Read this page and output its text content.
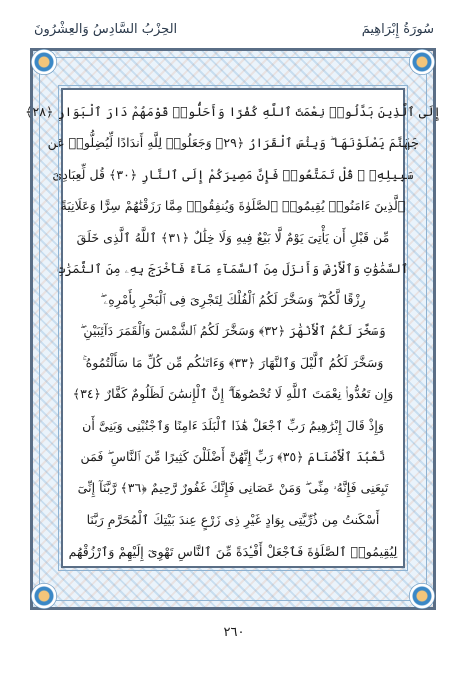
الحِزْبُ السَّادِسُ وَالعِشْرُونَ	سُورَةُ إِبْرَاهِيمَ
إِلَى ٱلَّذِينَ بَدَّلُوا۟ نِعْمَتَ ٱللَّهِ كُفْرًا وَأَحَلُّوا۟ قَوْمَهُمْ دَارَ ٱلْبَوَارِ ﴿٢٨﴾
جَهَنَّمَ يَصْلَوْنَهَا ۖ وَبِئْسَ ٱلْقَرَارُ ﴿٢٩﴾ وَجَعَلُوا۟ لِلَّهِ أَندَادًا لِّيُضِلُّوا۟ عَن
سَبِيلِهِۦ ۗ قُلْ تَمَتَّعُوا۟ فَإِنَّ مَصِيرَكُمْ إِلَى ٱلنَّارِ ﴿٣٠﴾ قُل لِّعِبَادِىَ
ٱلَّذِينَ ءَامَنُوا۟ يُقِيمُوا۟ ٱلصَّلَوٰةَ وَيُنفِقُوا۟ مِمَّا رَزَقْنَٰهُمْ سِرًّا وَعَلَانِيَةً
مِّن قَبْلِ أَن يَأْتِىَ يَوْمٌ لَّا بَيْعٌ فِيهِ وَلَا خِلَٰلٌ ﴿٣١﴾ ٱللَّهُ ٱلَّذِى خَلَقَ
ٱلسَّمَٰوَٰتِ وَٱلْأَرْضَ وَأَنزَلَ مِنَ ٱلسَّمَآءِ مَآءً فَأَخْرَجَ بِهِۦ مِنَ ٱلثَّمَرَٰتِ
رِزْقًا لَّكُمْ ۖ وَسَخَّرَ لَكُمُ ٱلْفُلْكَ لِتَجْرِىَ فِى ٱلْبَحْرِ بِأَمْرِهِۦ ۖ
وَسَخَّرَ لَكُمُ ٱلْأَنْهَٰرَ ﴿٣٢﴾ وَسَخَّرَ لَكُمُ ٱلشَّمْسَ وَٱلْقَمَرَ دَآئِبَيْنِ ۖ
وَسَخَّرَ لَكُمُ ٱلَّيْلَ وَٱلنَّهَارَ ﴿٣٣﴾ وَءَاتَىٰكُم مِّن كُلِّ مَا سَأَلْتُمُوهُ ۚ
وَإِن تَعُدُّوا۟ نِعْمَتَ ٱللَّهِ لَا تُحْصُوهَآ ۗ إِنَّ ٱلْإِنسَٰنَ لَظَلُومٌ كَفَّارٌ ﴿٣٤﴾
وَإِذْ قَالَ إِبْرَٰهِيمُ رَبِّ ٱجْعَلْ هَٰذَا ٱلْبَلَدَ ءَامِنًا وَٱجْنُبْنِى وَبَنِىَّ أَن
نَّعْبُدَ ٱلْأَصْنَامَ ﴿٣٥﴾ رَبِّ إِنَّهُنَّ أَضْلَلْنَ كَثِيرًا مِّنَ ٱلنَّاسِ ۖ فَمَن
تَبِعَنِى فَإِنَّهُۥ مِنِّى ۖ وَمَنْ عَصَانِى فَإِنَّكَ غَفُورٌ رَّحِيمٌ ﴿٣٦﴾ رَّبَّنَآ إِنِّىٓ
أَسْكَنتُ مِن ذُرِّيَّتِى بِوَادٍ غَيْرِ ذِى زَرْعٍ عِندَ بَيْتِكَ ٱلْمُحَرَّمِ رَبَّنَا
لِيُقِيمُوا۟ ٱلصَّلَوٰةَ فَٱجْعَلْ أَفْـِٔدَةً مِّنَ ٱلنَّاسِ تَهْوِىٓ إِلَيْهِمْ وَٱرْزُقْهُم
٢٦٠
